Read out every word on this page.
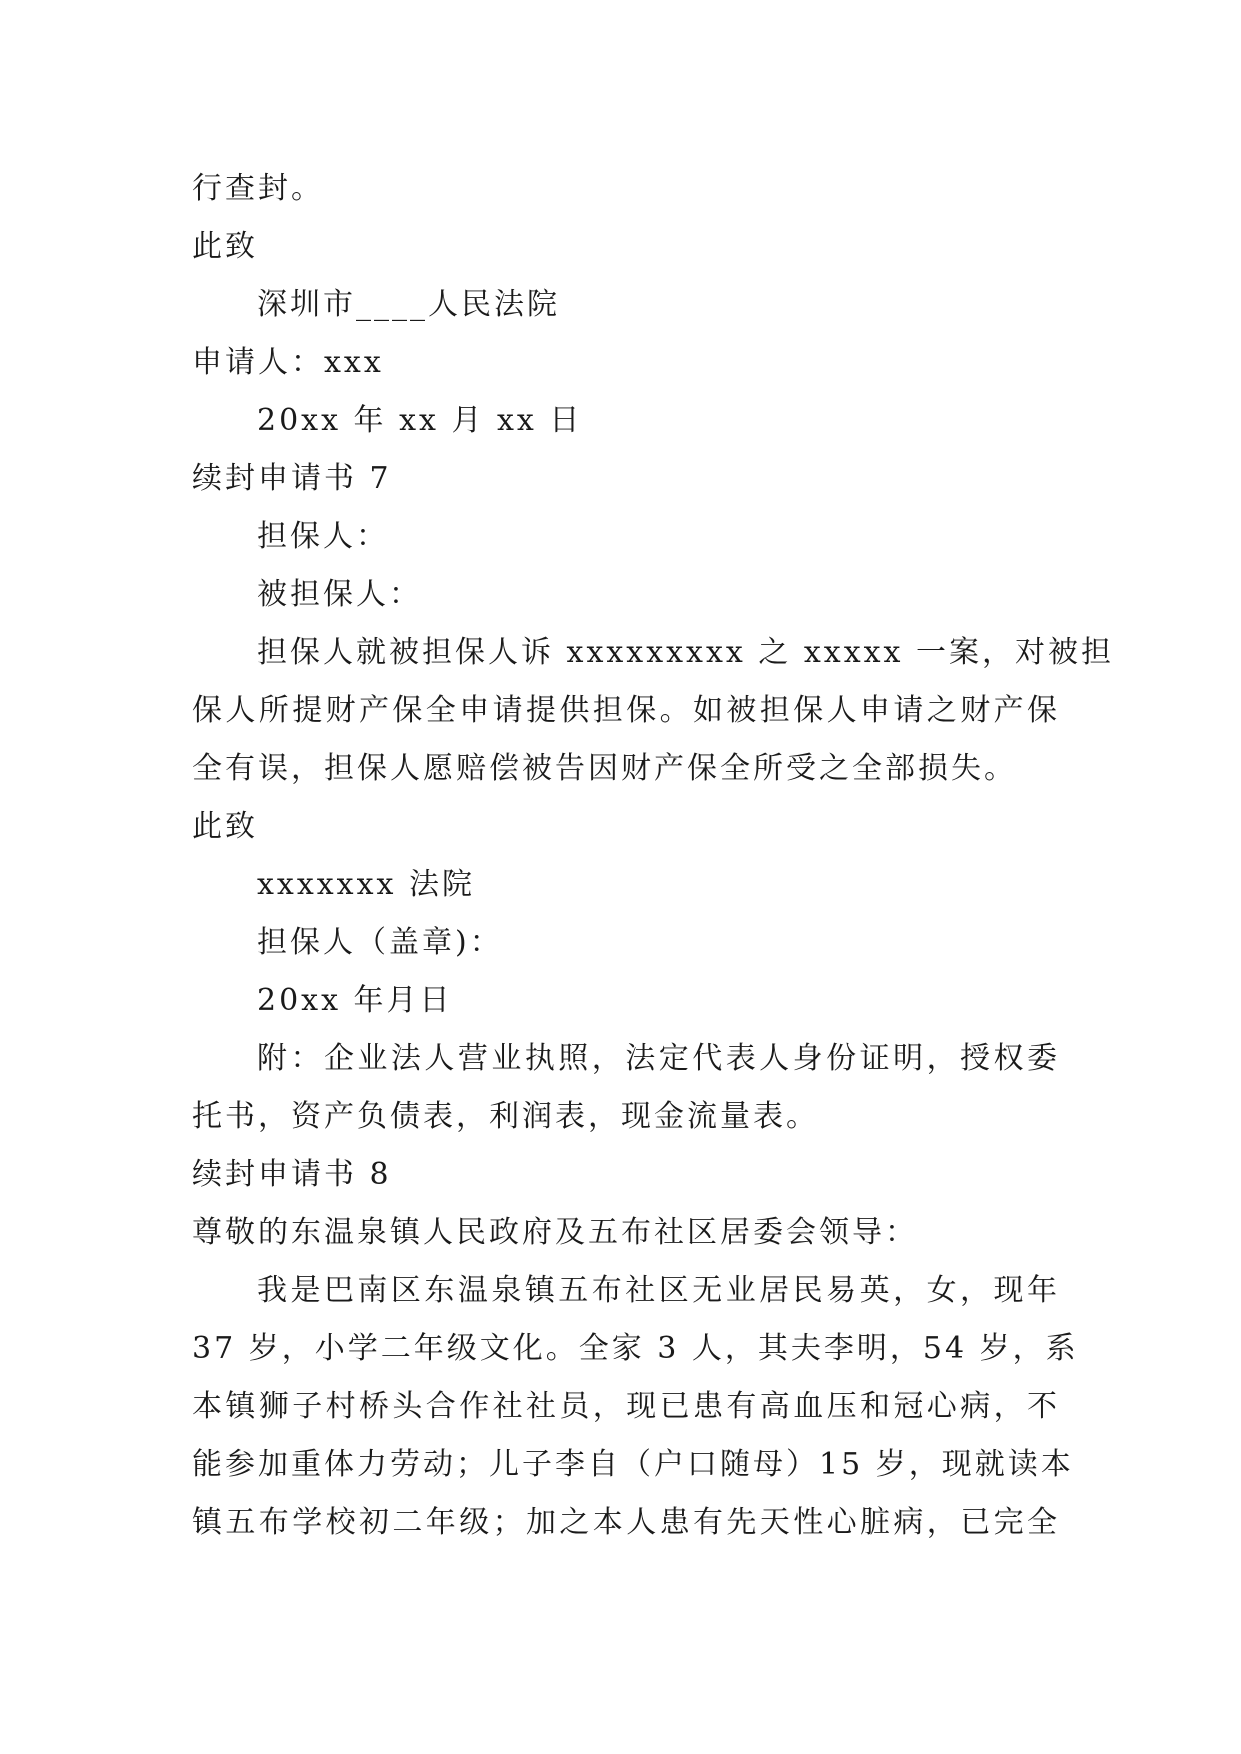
行查封。
此致
深圳市____人民法院
申请人：xxx
20xx 年 xx 月 xx 日
续封申请书 7
担保人：
被担保人：
担保人就被担保人诉 xxxxxxxxx 之 xxxxx 一案，对被担
保人所提财产保全申请提供担保。如被担保人申请之财产保
全有误，担保人愿赔偿被告因财产保全所受之全部损失。
此致
xxxxxxx 法院
担保人（盖章)：
20xx 年月日
附：企业法人营业执照，法定代表人身份证明，授权委
托书，资产负债表，利润表，现金流量表。
续封申请书 8
尊敬的东温泉镇人民政府及五布社区居委会领导：
我是巴南区东温泉镇五布社区无业居民易英，女，现年
37 岁，小学二年级文化。全家 3 人，其夫李明，54 岁，系
本镇狮子村桥头合作社社员，现已患有高血压和冠心病，不
能参加重体力劳动；儿子李自（户口随母）15 岁，现就读本
镇五布学校初二年级；加之本人患有先天性心脏病，已完全
